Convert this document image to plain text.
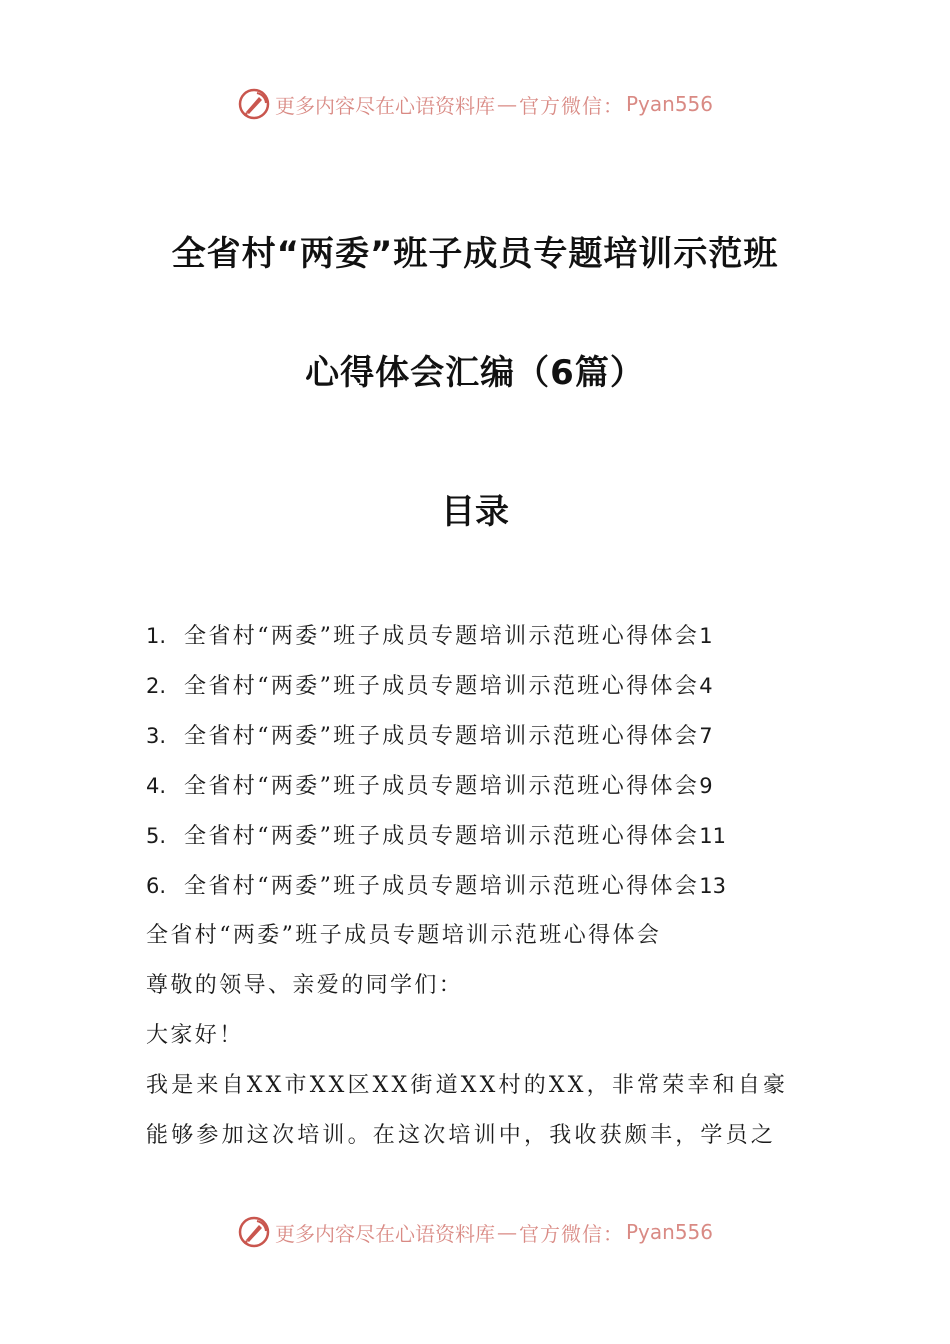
更多内容尽在心语资料库 — 官方微信： Pyan556
全省村“两委”班子成员专题培训示范班
心得体会汇编（6篇）
目录
1. 全省村“两委”班子成员专题培训示范班心得体会1
2. 全省村“两委”班子成员专题培训示范班心得体会4
3. 全省村“两委”班子成员专题培训示范班心得体会7
4. 全省村“两委”班子成员专题培训示范班心得体会9
5. 全省村“两委”班子成员专题培训示范班心得体会11
6. 全省村“两委”班子成员专题培训示范班心得体会13

全省村“两委”班子成员专题培训示范班心得体会

尊敬的领导、亲爱的同学们：

大家好！

我是来自XX市XX区XX街道XX村的XX，非常荣幸和自豪

能够参加这次培训。在这次培训中，我收获颇丰，学员之

更多内容尽在心语资料库 — 官方微信： Pyan556
